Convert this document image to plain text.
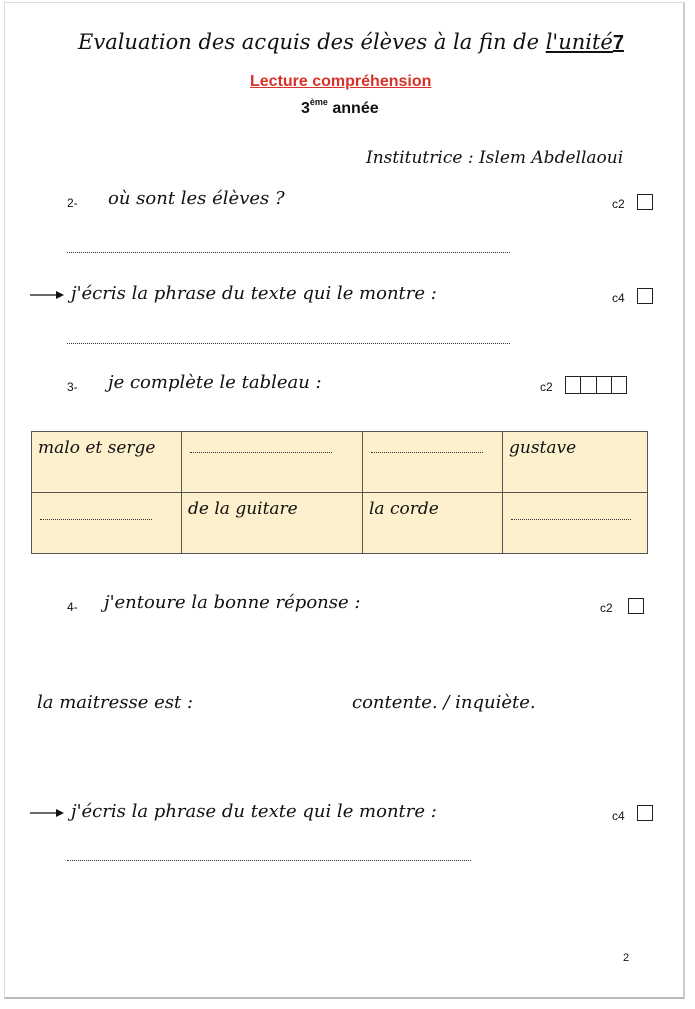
Evaluation des acquis des élèves à la fin de l'unité7
Lecture compréhension
3ème année
Institutrice : Islem Abdellaoui
2- où sont les élèves ?	c2
j'écris la phrase du texte qui le montre :	c4
3- je complète le tableau :	c2
malo et serge			gustave

	de la guitare	la corde	
4- j'entoure la bonne réponse :	c2
la maitresse est :	contente. / inquiète.
j'écris la phrase du texte qui le montre :	c4
2
